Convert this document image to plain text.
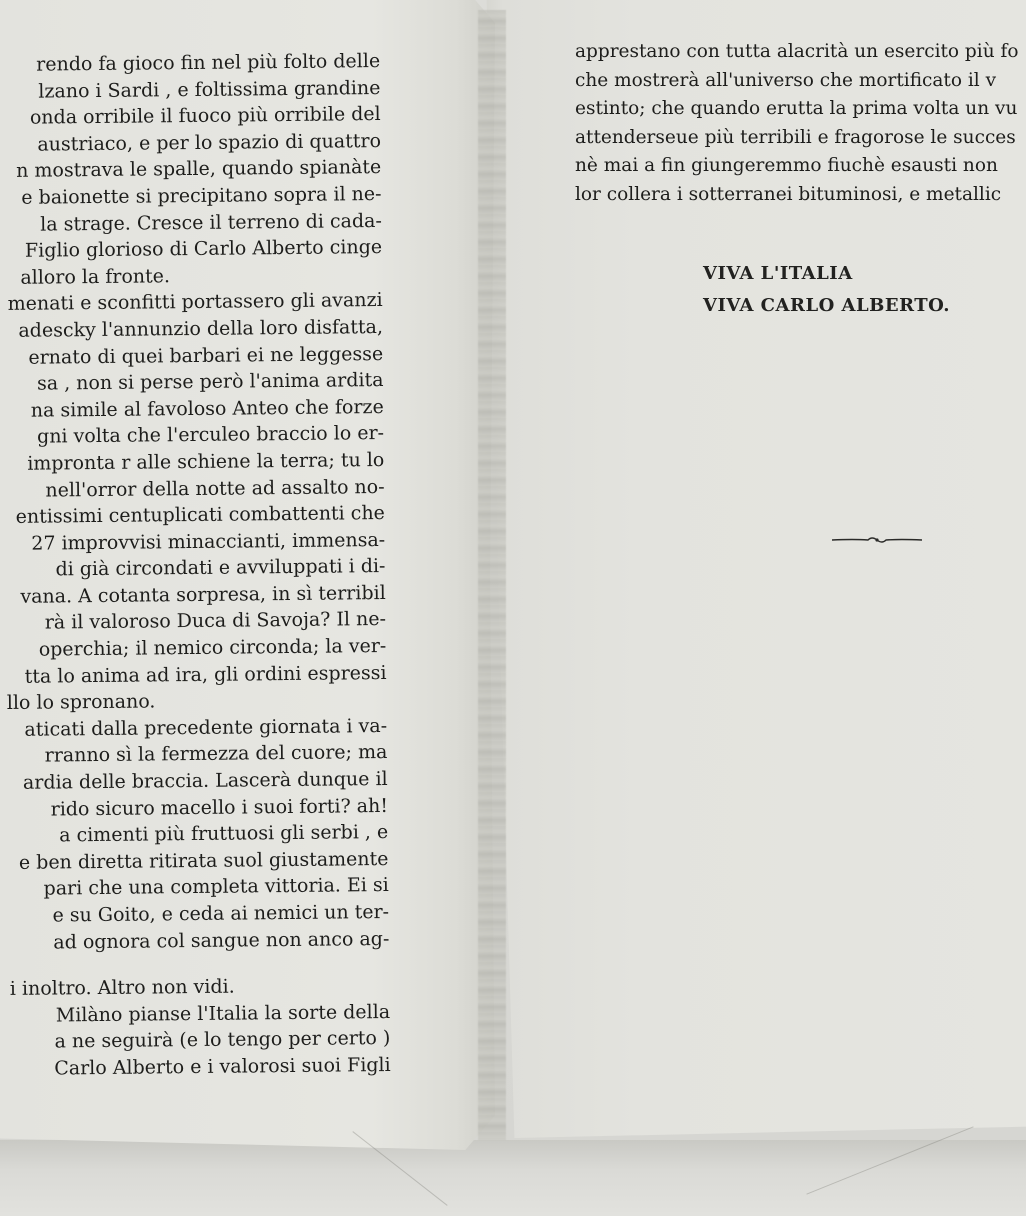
rendo fa gioco fin nel più folto delle
lzano i Sardi , e foltissima grandine
onda orribile il fuoco più orribile del
austriaco, e per lo spazio di quattro
n mostrava le spalle, quando spianàte
e baionette si precipitano sopra il ne-
la strage. Cresce il terreno di cada-
Figlio glorioso di Carlo Alberto cinge
alloro la fronte.
menati e sconfitti portassero gli avanzi
adescky l'annunzio della loro disfatta,
ernato di quei barbari ei ne leggesse
sa , non si perse però l'anima ardita
na simile al favoloso Anteo che forze
gni volta che l'erculeo braccio lo er-
impronta r alle schiene la terra; tu lo
nell'orror della notte ad assalto no-
entissimi centuplicati combattenti che
27 improvvisi minaccianti, immensa-
di già circondati e avviluppati i di-
vana. A cotanta sorpresa, in sì terribil
rà il valoroso Duca di Savoja? Il ne-
operchia; il nemico circonda; la ver-
tta lo anima ad ira, gli ordini espressi
llo lo spronano.
aticati dalla precedente giornata i va-
rranno sì la fermezza del cuore; ma
ardia delle braccia. Lascerà dunque il
rido sicuro macello i suoi forti? ah!
a cimenti più fruttuosi gli serbi , e
e ben diretta ritirata suol giustamente
pari che una completa vittoria. Ei si
e su Goito, e ceda ai nemici un ter-
ad ognora col sangue non anco ag-
i inoltro. Altro non vidi.
Milàno pianse l'Italia la sorte della
a ne seguirà (e lo tengo per certo )
Carlo Alberto e i valorosi suoi Figli
apprestano con tutta alacrità un esercito più fo
che mostrerà all'universo che mortificato il v
estinto; che quando erutta la prima volta un vu
attenderseue più terribili e fragorose le succes
nè mai a fin giungeremmo fiuchè esausti non
lor collera i sotterranei bituminosi, e metallic
VIVA L'ITALIA
VIVA CARLO ALBERTO.
